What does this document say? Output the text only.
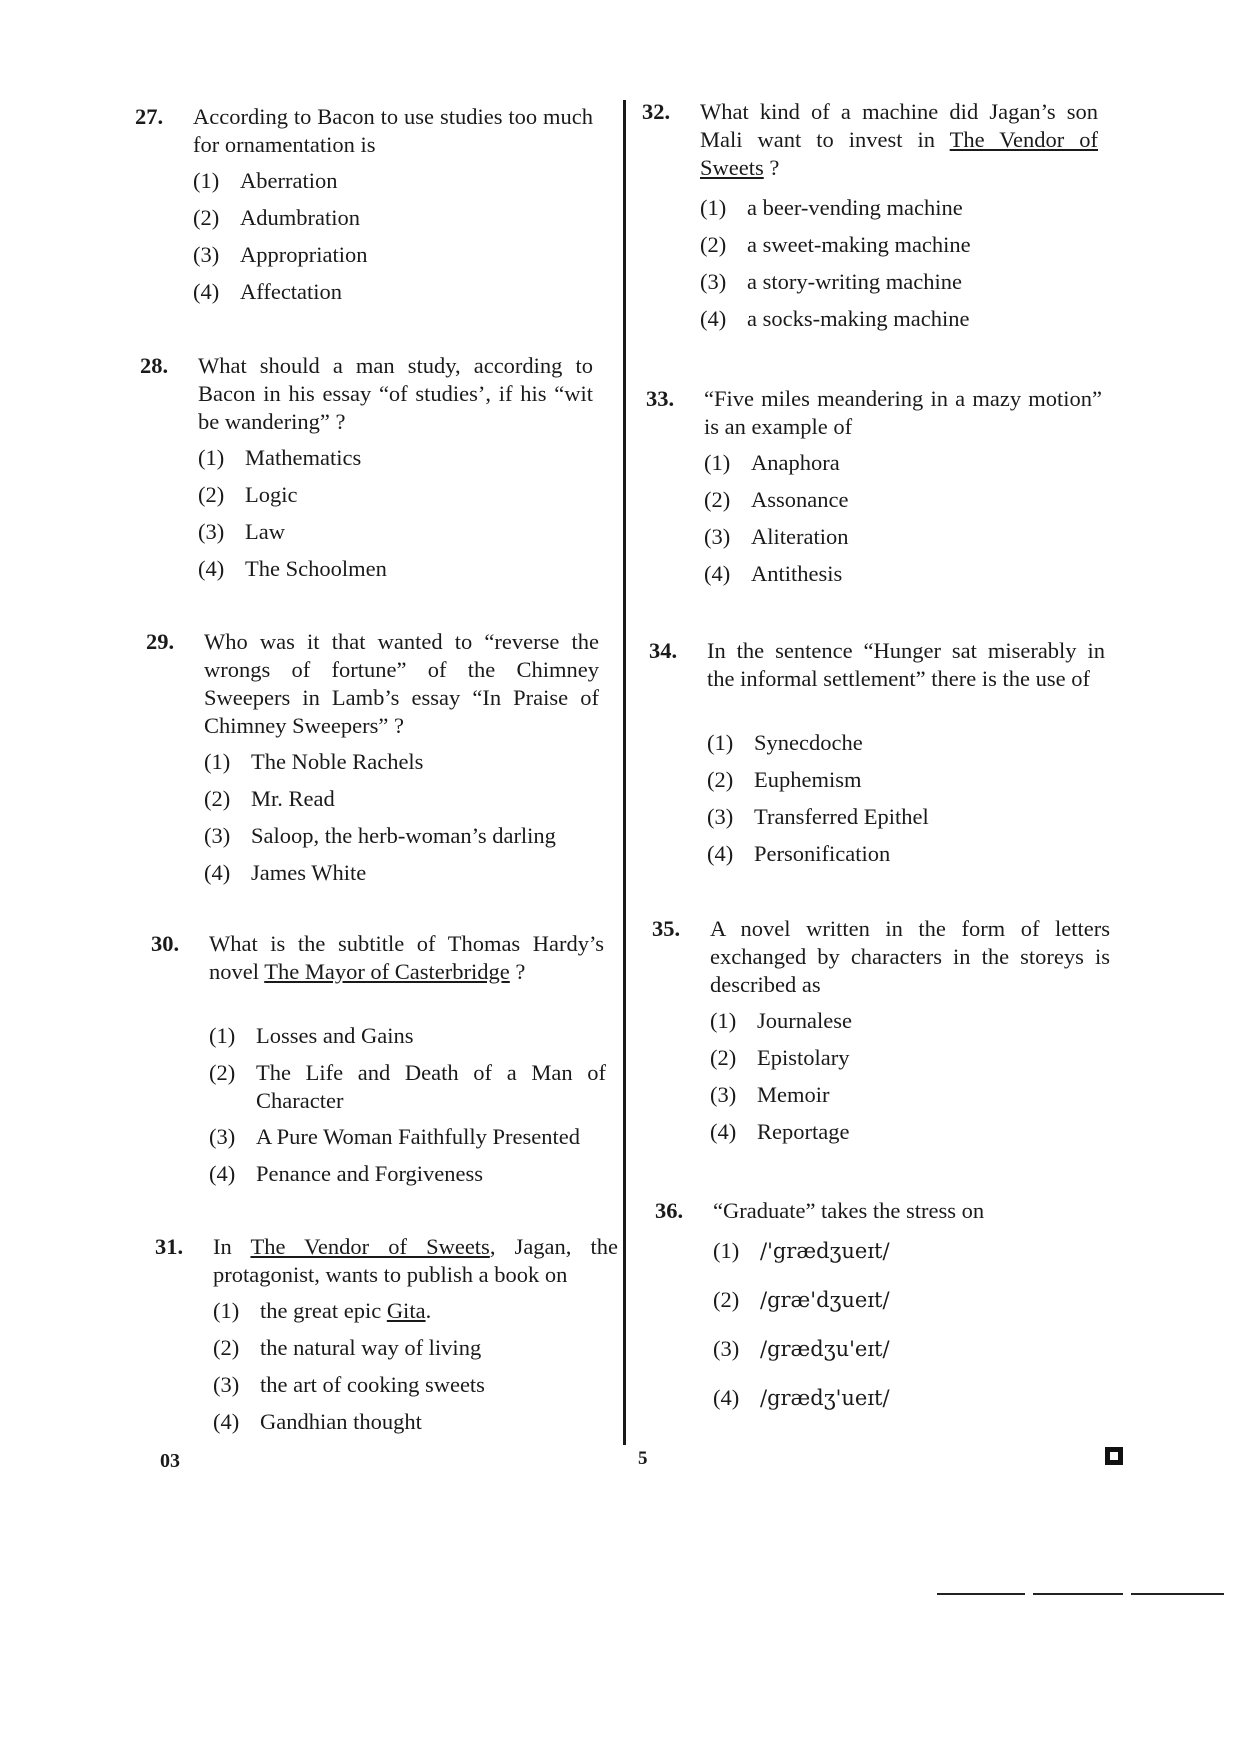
27. According to Bacon to use studies too much for ornamentation is
(1) Aberration
(2) Adumbration
(3) Appropriation
(4) Affectation
28. What should a man study, according to Bacon in his essay “of studies’, if his “wit be wandering” ?
(1) Mathematics
(2) Logic
(3) Law
(4) The Schoolmen
29. Who was it that wanted to “reverse the wrongs of fortune” of the Chimney Sweepers in Lamb’s essay “In Praise of Chimney Sweepers” ?
(1) The Noble Rachels
(2) Mr. Read
(3) Saloop, the herb-woman’s darling
(4) James White
30. What is the subtitle of Thomas Hardy’s novel The Mayor of Casterbridge ?
(1) Losses and Gains
(2) The Life and Death of a Man of Character
(3) A Pure Woman Faithfully Presented
(4) Penance and Forgiveness
31. In The Vendor of Sweets, Jagan, the protagonist, wants to publish a book on
(1) the great epic Gita.
(2) the natural way of living
(3) the art of cooking sweets
(4) Gandhian thought
32. What kind of a machine did Jagan’s son Mali want to invest in The Vendor of Sweets ?
(1) a beer-vending machine
(2) a sweet-making machine
(3) a story-writing machine
(4) a socks-making machine
33. “Five miles meandering in a mazy motion” is an example of
(1) Anaphora
(2) Assonance
(3) Aliteration
(4) Antithesis
34. In the sentence “Hunger sat miserably in the informal settlement” there is the use of
(1) Synecdoche
(2) Euphemism
(3) Transferred Epithel
(4) Personification
35. A novel written in the form of letters exchanged by characters in the storeys is described as
(1) Journalese
(2) Epistolary
(3) Memoir
(4) Reportage
36. “Graduate” takes the stress on
(1) /'grædʒueɪt/
(2) /græ'dʒueɪt/
(3) /grædʒu'eɪt/
(4) /grædʒ'ueɪt/
03	5
